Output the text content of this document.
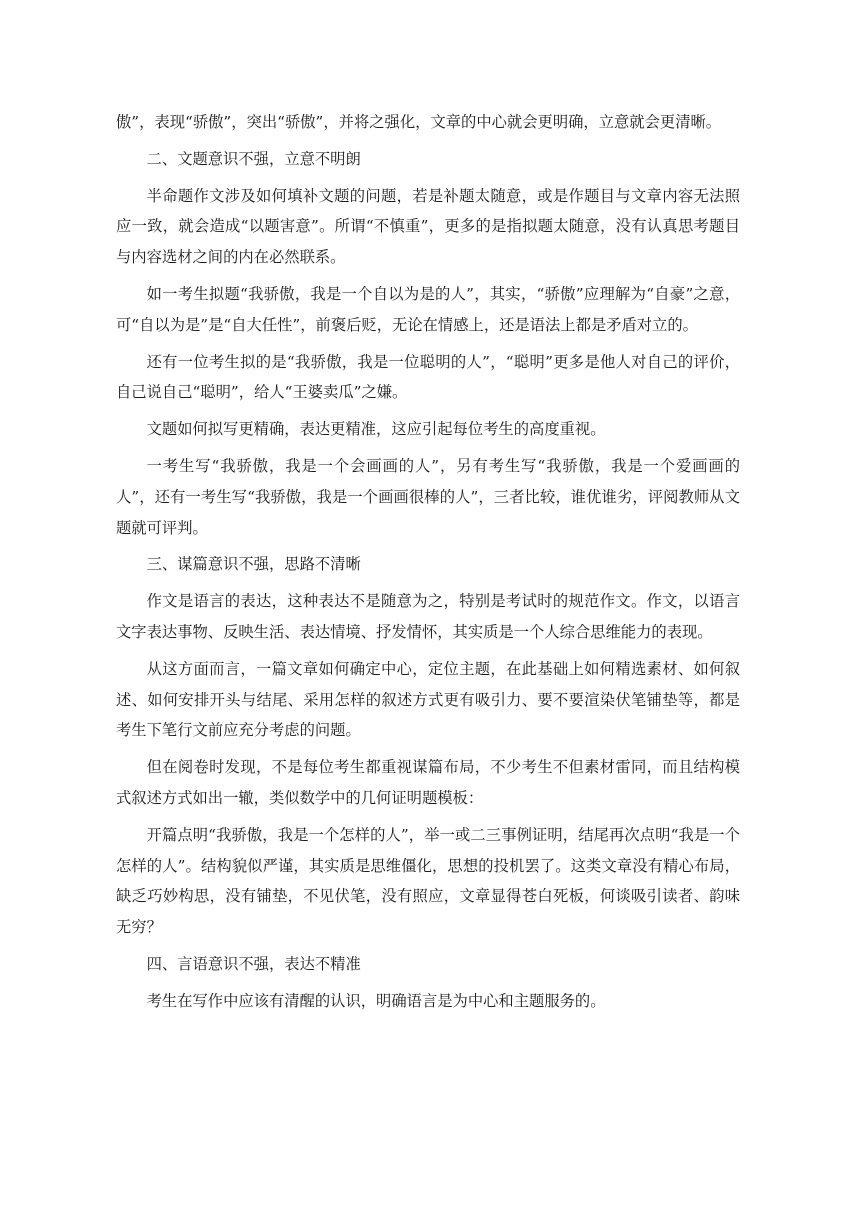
傲”，表现“骄傲”，突出“骄傲”，并将之强化，文章的中心就会更明确，立意就会更清晰。

二、文题意识不强，立意不明朗

半命题作文涉及如何填补文题的问题，若是补题太随意，或是作题目与文章内容无法照应一致，就会造成“以题害意”。所谓“不慎重”，更多的是指拟题太随意，没有认真思考题目与内容选材之间的内在必然联系。

如一考生拟题“我骄傲，我是一个自以为是的人”，其实，“骄傲”应理解为“自豪”之意，可“自以为是”是“自大任性”，前褒后贬，无论在情感上，还是语法上都是矛盾对立的。

还有一位考生拟的是“我骄傲，我是一位聪明的人”，“聪明”更多是他人对自己的评价，自己说自己“聪明”，给人“王婆卖瓜”之嫌。

文题如何拟写更精确，表达更精准，这应引起每位考生的高度重视。

一考生写“我骄傲，我是一个会画画的人”，另有考生写“我骄傲，我是一个爱画画的人”，还有一考生写“我骄傲，我是一个画画很棒的人”，三者比较，谁优谁劣，评阅教师从文题就可评判。

三、谋篇意识不强，思路不清晰

作文是语言的表达，这种表达不是随意为之，特别是考试时的规范作文。作文，以语言文字表达事物、反映生活、表达情境、抒发情怀，其实质是一个人综合思维能力的表现。

从这方面而言，一篇文章如何确定中心，定位主题，在此基础上如何精选素材、如何叙述、如何安排开头与结尾、采用怎样的叙述方式更有吸引力、要不要渲染伏笔铺垫等，都是考生下笔行文前应充分考虑的问题。

但在阅卷时发现，不是每位考生都重视谋篇布局，不少考生不但素材雷同，而且结构模式叙述方式如出一辙，类似数学中的几何证明题模板：

开篇点明“我骄傲，我是一个怎样的人”，举一或二三事例证明，结尾再次点明“我是一个怎样的人”。结构貌似严谨，其实质是思维僵化，思想的投机罢了。这类文章没有精心布局，缺乏巧妙构思，没有铺垫，不见伏笔，没有照应，文章显得苍白死板，何谈吸引读者、韵味无穷？

四、言语意识不强，表达不精准

考生在写作中应该有清醒的认识，明确语言是为中心和主题服务的。
